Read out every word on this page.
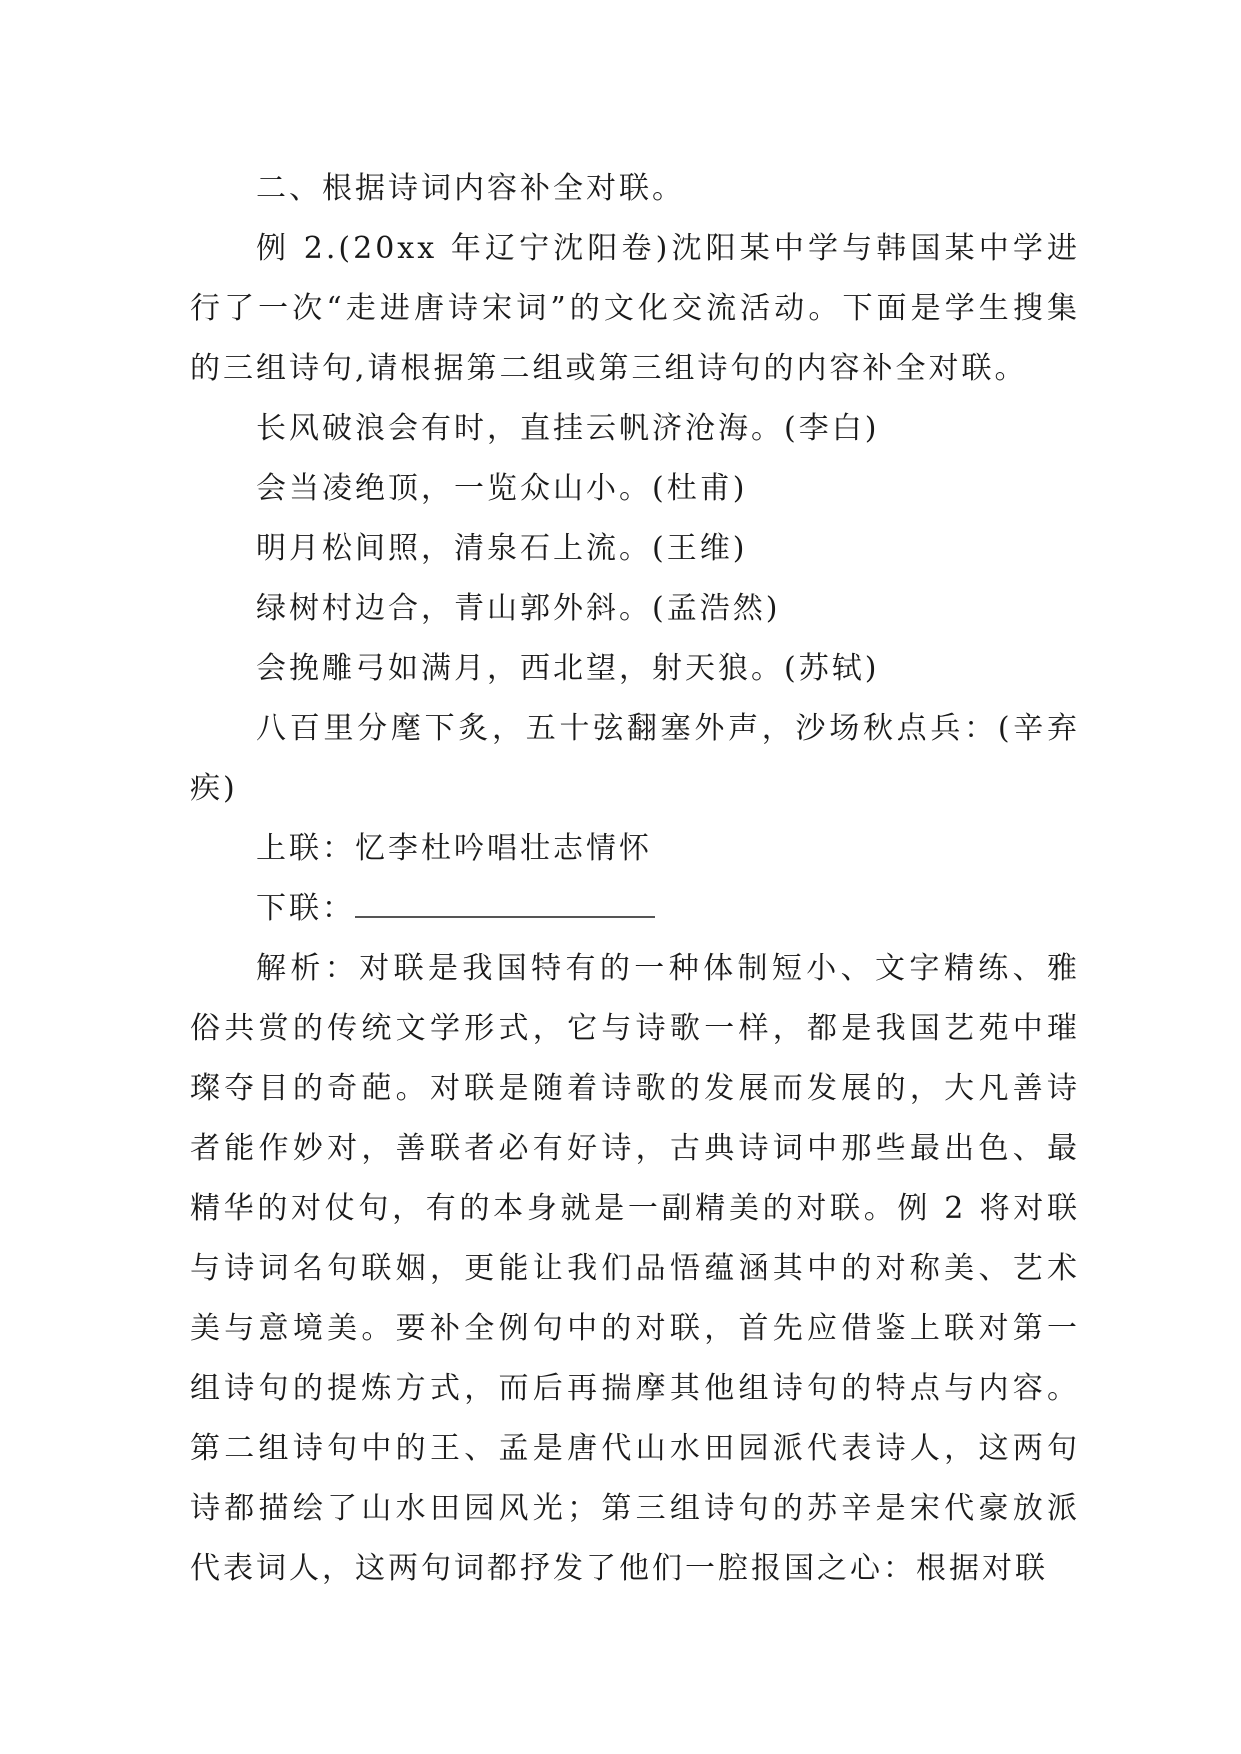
二、根据诗词内容补全对联。

例 2.(20xx 年辽宁沈阳卷)沈阳某中学与韩国某中学进行了一次“走进唐诗宋词”的文化交流活动。下面是学生搜集的三组诗句,请根据第二组或第三组诗句的内容补全对联。

长风破浪会有时，直挂云帆济沧海。(李白)

会当凌绝顶，一览众山小。(杜甫)

明月松间照，清泉石上流。(王维)

绿树村边合，青山郭外斜。(孟浩然)

会挽雕弓如满月，西北望，射天狼。(苏轼)

八百里分麾下炙，五十弦翻塞外声，沙场秋点兵：(辛弃疾)

上联：忆李杜吟唱壮志情怀

下联：

解析：对联是我国特有的一种体制短小、文字精练、雅俗共赏的传统文学形式，它与诗歌一样，都是我国艺苑中璀璨夺目的奇葩。对联是随着诗歌的发展而发展的，大凡善诗者能作妙对，善联者必有好诗，古典诗词中那些最出色、最精华的对仗句，有的本身就是一副精美的对联。例 2 将对联与诗词名句联姻，更能让我们品悟蕴涵其中的对称美、艺术美与意境美。要补全例句中的对联，首先应借鉴上联对第一组诗句的提炼方式，而后再揣摩其他组诗句的特点与内容。第二组诗句中的王、孟是唐代山水田园派代表诗人，这两句诗都描绘了山水田园风光；第三组诗句的苏辛是宋代豪放派代表词人，这两句词都抒发了他们一腔报国之心：根据对联
